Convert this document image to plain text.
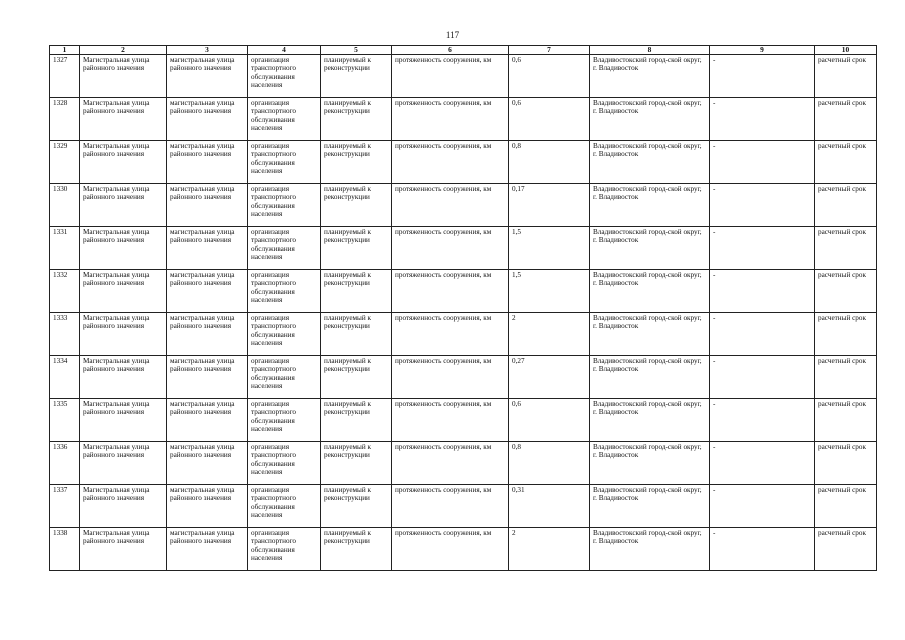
117
1	2	3	4	5	6	7	8	9	10
1327	Магистральная улица районного значения	магистральная улица районного значения	организация транспортного обслуживания населения	планируемый к реконструкции	протяженность сооружения, км	0,6	Владивостокский город-ской округ, г. Владивосток	-	расчетный срок
1328	Магистральная улица районного значения	магистральная улица районного значения	организация транспортного обслуживания населения	планируемый к реконструкции	протяженность сооружения, км	0,6	Владивостокский город-ской округ, г. Владивосток	-	расчетный срок
1329	Магистральная улица районного значения	магистральная улица районного значения	организация транспортного обслуживания населения	планируемый к реконструкции	протяженность сооружения, км	0,8	Владивостокский город-ской округ, г. Владивосток	-	расчетный срок
1330	Магистральная улица районного значения	магистральная улица районного значения	организация транспортного обслуживания населения	планируемый к реконструкции	протяженность сооружения, км	0,17	Владивостокский город-ской округ, г. Владивосток	-	расчетный срок
1331	Магистральная улица районного значения	магистральная улица районного значения	организация транспортного обслуживания населения	планируемый к реконструкции	протяженность сооружения, км	1,5	Владивостокский город-ской округ, г. Владивосток	-	расчетный срок
1332	Магистральная улица районного значения	магистральная улица районного значения	организация транспортного обслуживания населения	планируемый к реконструкции	протяженность сооружения, км	1,5	Владивостокский город-ской округ, г. Владивосток	-	расчетный срок
1333	Магистральная улица районного значения	магистральная улица районного значения	организация транспортного обслуживания населения	планируемый к реконструкции	протяженность сооружения, км	2	Владивостокский город-ской округ, г. Владивосток	-	расчетный срок
1334	Магистральная улица районного значения	магистральная улица районного значения	организация транспортного обслуживания населения	планируемый к реконструкции	протяженность сооружения, км	0,27	Владивостокский город-ской округ, г. Владивосток	-	расчетный срок
1335	Магистральная улица районного значения	магистральная улица районного значения	организация транспортного обслуживания населения	планируемый к реконструкции	протяженность сооружения, км	0,6	Владивостокский город-ской округ, г. Владивосток	-	расчетный срок
1336	Магистральная улица районного значения	магистральная улица районного значения	организация транспортного обслуживания населения	планируемый к реконструкции	протяженность сооружения, км	0,8	Владивостокский город-ской округ, г. Владивосток	-	расчетный срок
1337	Магистральная улица районного значения	магистральная улица районного значения	организация транспортного обслуживания населения	планируемый к реконструкции	протяженность сооружения, км	0,31	Владивостокский город-ской округ, г. Владивосток	-	расчетный срок
1338	Магистральная улица районного значения	магистральная улица районного значения	организация транспортного обслуживания населения	планируемый к реконструкции	протяженность сооружения, км	2	Владивостокский город-ской округ, г. Владивосток	-	расчетный срок
